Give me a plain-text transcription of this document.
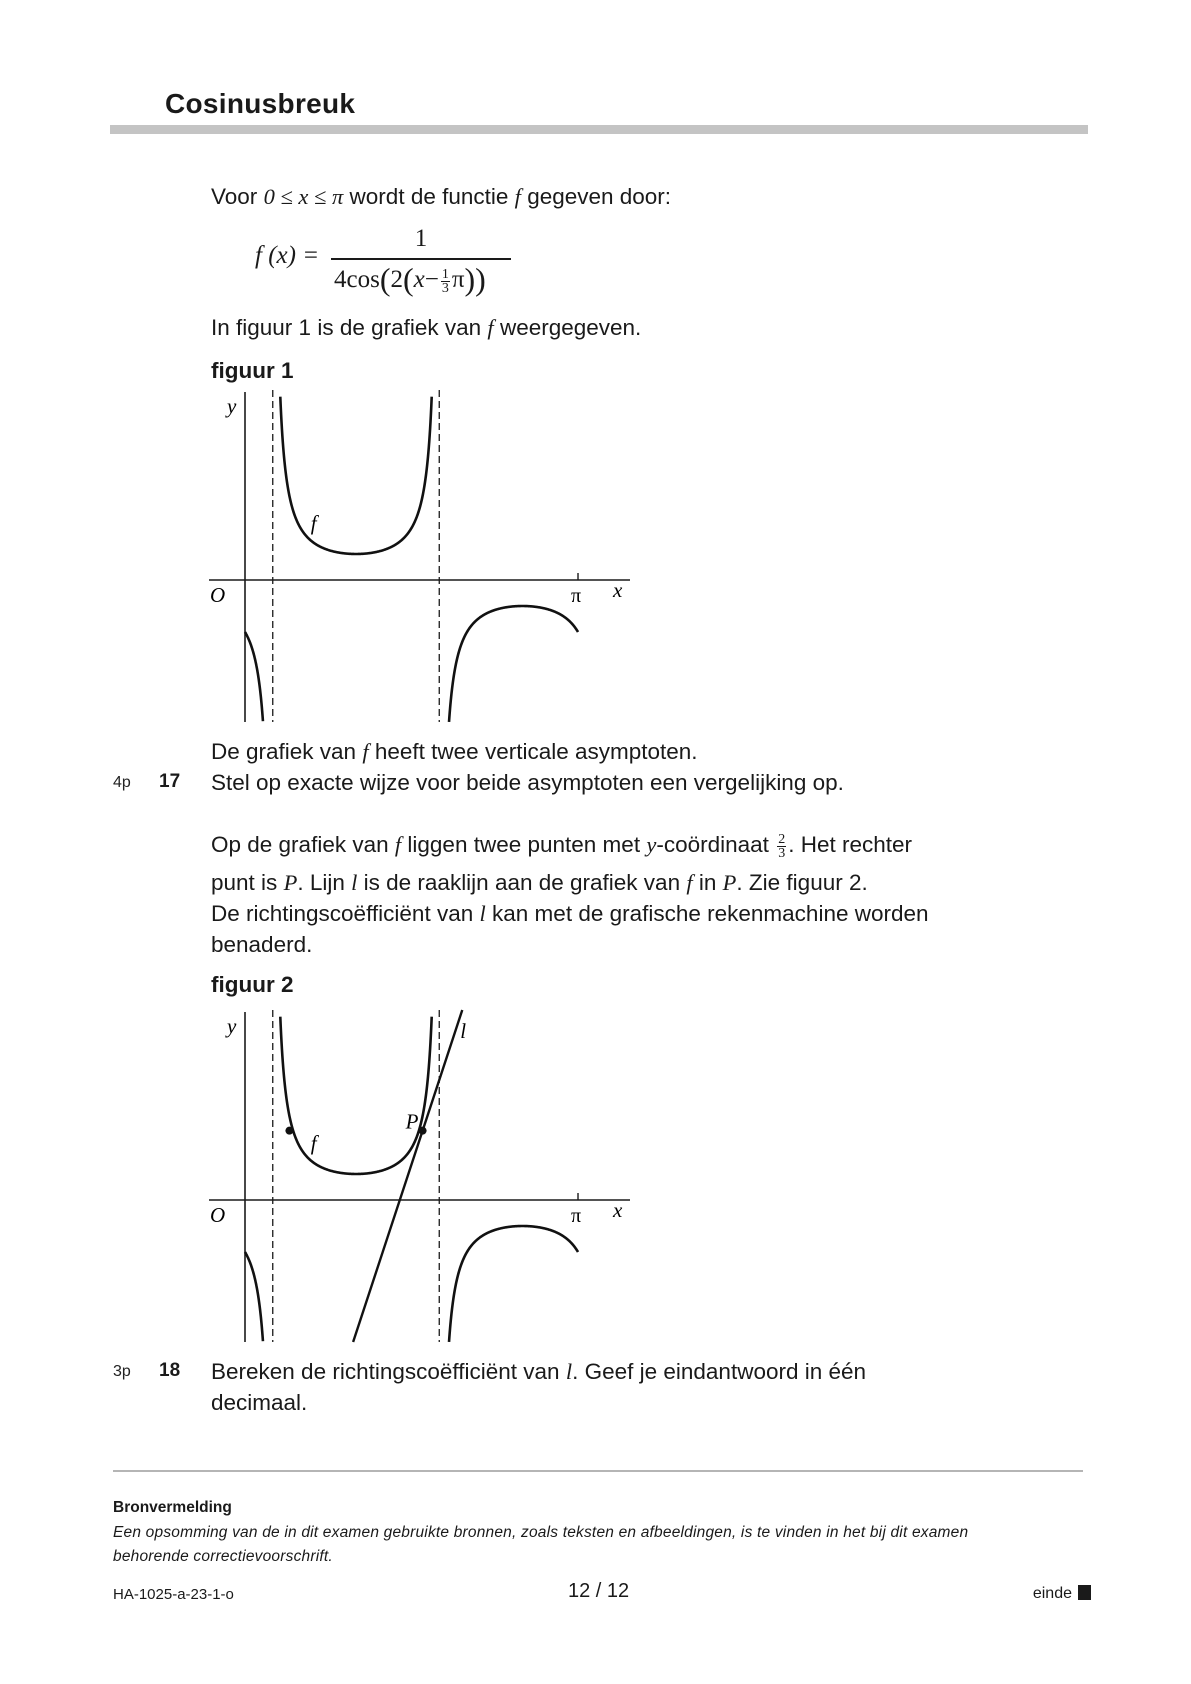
Cosinusbreuk
Voor 0 ≤ x ≤ π wordt de functie f gegeven door:
f (x) =
1
$4\cos(2(x- \frac{1}{3} \pi))$
In figuur 1 is de grafiek van f weergegeven.
figuur 1
π x
y
O
f
De grafiek van f heeft twee verticale asymptoten.
4p 17 Stel op exacte wijze voor beide asymptoten een vergelijking op.
Op de grafiek van f liggen twee punten met y-coördinaat $\frac{2}{3}$ . Het rechter
punt is P. Lijn l is de raaklijn aan de grafiek van f in P. Zie figuur 2.
De richtingscoëfficiënt van l kan met de grafische rekenmachine worden
benaderd.
figuur 2
π x
y
O
f
l
P
3p 18 Bereken de richtingscoëfficiënt van l. Geef je eindantwoord in één
decimaal.
Bronvermelding
Een opsomming van de in dit examen gebruikte bronnen, zoals teksten en afbeeldingen, is te vinden in het bij dit examen
behorende correctievoorschrift.
HA-1025-a-23-1-o	12 / 12	einde
